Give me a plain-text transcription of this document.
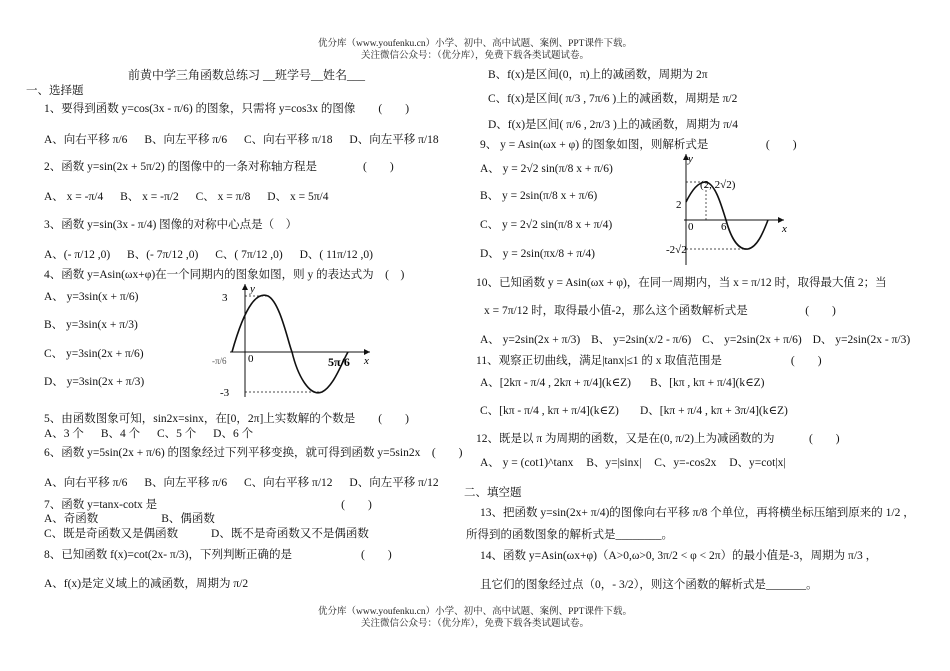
优分库（www.youfenku.cn）小学、初中、高中试题、案例、PPT课件下载。
关注微信公众号：（优分库），免费下载各类试题试卷。
前黄中学三角函数总练习 __班学号__姓名___
一、选择题
1、要得到函数 y=cos(3x - π/6) 的图象，只需将 y=cos3x 的图像　　(　　)
A、向右平移 π/6 B、向左平移 π/6 C、向右平移 π/18 D、向左平移 π/18
2、函数 y=sin(2x + 5π/2) 的图像中的一条对称轴方程是　　　　(　　)
A、 x = -π/4 B、 x = -π/2 C、 x = π/8 D、 x = 5π/4
3、函数 y=sin(3x - π/4) 图像的对称中心点是（　）
A、(- π/12 ,0) B、(- 7π/12 ,0) C、( 7π/12 ,0) D、( 11π/12 ,0)
4、函数 y=Asin(ωx+φ)在一个同期内的图象如图，则 y 的表达式为　(　)
A、 y=3sin(x + π/6)
B、 y=3sin(x + π/3)
C、 y=3sin(2x + π/6)
D、 y=3sin(2x + π/3)
3
-3
0
-π/6	5π/6
y
x
5、由函数图象可知，sin2x=sinx，在[0，2π]上实数解的个数是　　(　　)
A、3 个 B、4 个 C、5 个 D、6 个
6、函数 y=5sin(2x + π/6) 的图象经过下列平移变换，就可得到函数 y=5sin2x　(　　)
A、向右平移 π/6 B、向左平移 π/6 C、向右平移 π/12 D、向左平移 π/12
7、函数 y=tanx-cotx 是　　　　　　　　　　　　　　　　(　　)
A、奇函数	B、偶函数
C、既是奇函数又是偶函数	D、既不是奇函数又不是偶函数
8、已知函数 f(x)=cot(2x- π/3)，下列判断正确的是　　　　　　(　　)
A、f(x)是定义域上的减函数，周期为 π/2
B、f(x)是区间(0，π)上的减函数，周期为 2π
C、f(x)是区间( π/3 , 7π/6 )上的减函数，周期是 π/2
D、f(x)是区间( π/6 , 2π/3 )上的减函数，周期为 π/4
9、 y = Asin(ωx + φ) 的图象如图，则解析式是　　　　　(　　)
A、 y = 2√2 sin(π/8 x + π/6)
B、 y = 2sin(π/8 x + π/6)
C、 y = 2√2 sin(π/8 x + π/4)
D、 y = 2sin(πx/8 + π/4)
(2, 2√2)
2
-2√2
0	6
y
x
10、已知函数 y = Asin(ωx + φ)，在同一周期内，当 x = π/12 时，取得最大值 2；当
x = 7π/12 时，取得最小值-2，那么这个函数解析式是　　　　　(　　)
A、 y=2sin(2x + π/3) B、 y=2sin(x/2 - π/6) C、 y=2sin(2x + π/6) D、 y=2sin(2x - π/3)
11、观察正切曲线，满足|tanx|≤1 的 x 取值范围是　　　　　　(　　)
A、[2kπ - π/4 , 2kπ + π/4](k∈Z) B、[kπ , kπ + π/4](k∈Z)
C、[kπ - π/4 , kπ + π/4](k∈Z) D、[kπ + π/4 , kπ + 3π/4](k∈Z)
12、既是以 π 为周期的函数，又是在(0, π/2)上为减函数的为　　　(　　)
A、 y = (cot1)^tanx B、y=|sinx| C、y=-cos2x D、y=cot|x|
二、填空题
13、把函数 y=sin(2x+ π/4)的图像向右平移 π/8 个单位，再将横坐标压缩到原来的 1/2 ，
所得到的函数图象的解析式是________。
14、函数 y=Asin(ωx+φ)（A>0,ω>0, 3π/2 < φ < 2π）的最小值是-3，周期为 π/3 ，
且它们的图象经过点（0，- 3/2），则这个函数的解析式是_______。
优分库（www.youfenku.cn）小学、初中、高中试题、案例、PPT课件下载。
关注微信公众号：（优分库），免费下载各类试题试卷。
